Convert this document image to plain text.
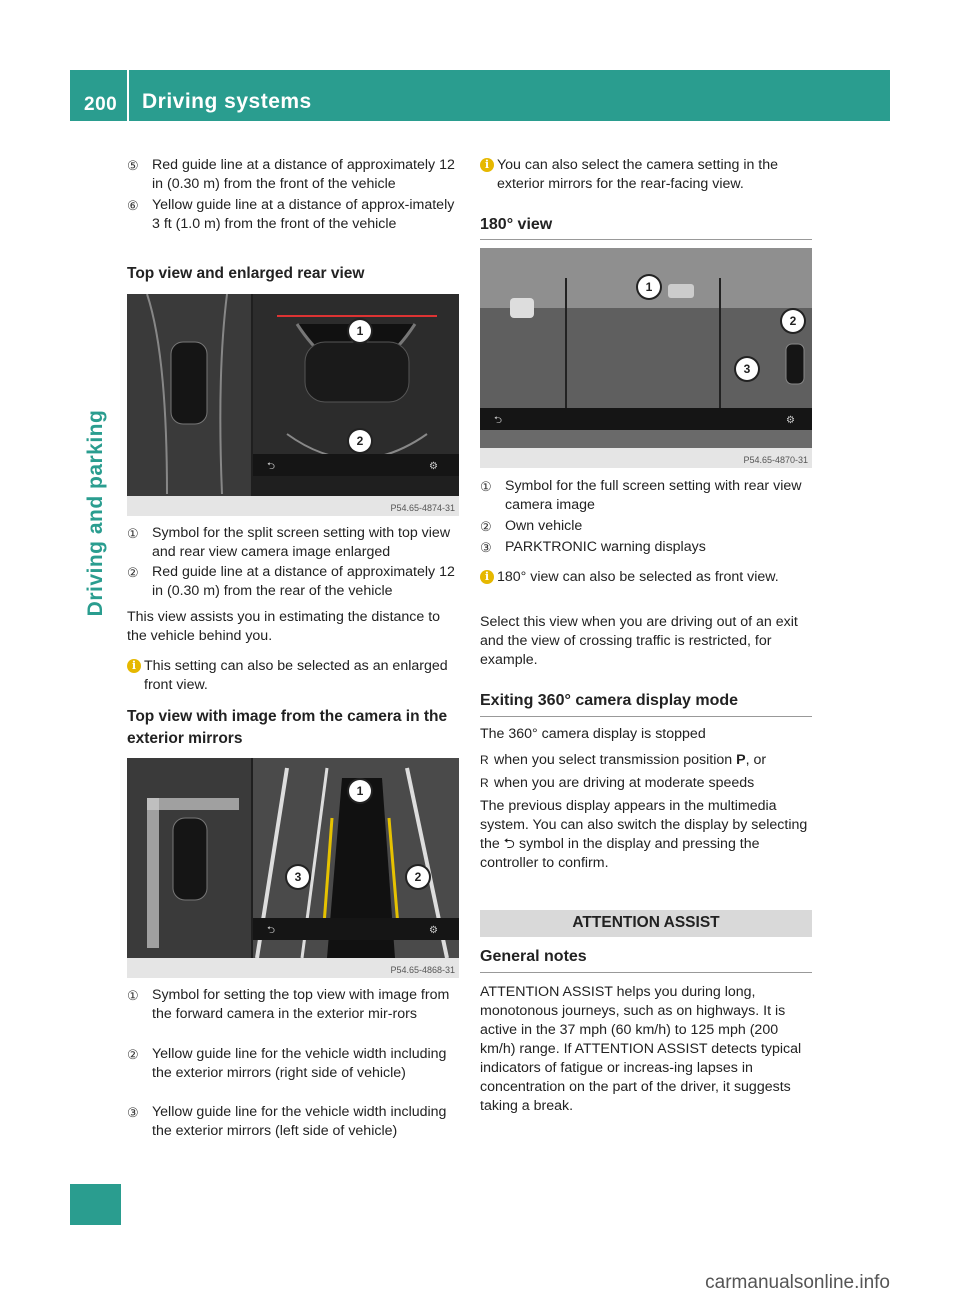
200 Driving systems
Driving and parking
⑤ Red guide line at a distance of approximately 12 in (0.30 m) from the front of the vehicle
⑥ Yellow guide line at a distance of approx-imately 3 ft (1.0 m) from the front of the vehicle
Top view and enlarged rear view
⮌	⚙
1
2
P54.65-4874-31
① Symbol for the split screen setting with top view and rear view camera image enlarged
② Red guide line at a distance of approximately 12 in (0.30 m) from the rear of the vehicle
This view assists you in estimating the distance to the vehicle behind you.
i This setting can also be selected as an enlarged front view.
Top view with image from the camera in the exterior mirrors
⮌	⚙
1
2
3
P54.65-4868-31
① Symbol for setting the top view with image from the forward camera in the exterior mir-rors
② Yellow guide line for the vehicle width including the exterior mirrors (right side of vehicle)
③ Yellow guide line for the vehicle width including the exterior mirrors (left side of vehicle)
i You can also select the camera setting in the exterior mirrors for the rear-facing view.
180° view
⮌	⚙
1
2
3
P54.65-4870-31
① Symbol for the full screen setting with rear view camera image
② Own vehicle
③ PARKTRONIC warning displays
i 180° view can also be selected as front view.
Select this view when you are driving out of an exit and the view of crossing traffic is restricted, for example.
Exiting 360° camera display mode
The 360° camera display is stopped
R when you select transmission position P, or
R when you are driving at moderate speeds
The previous display appears in the multimedia system. You can also switch the display by selecting the ⮌ symbol in the display and pressing the controller to confirm.
ATTENTION ASSIST
General notes
ATTENTION ASSIST helps you during long, monotonous journeys, such as on highways. It is active in the 37 mph (60 km/h) to 125 mph (200 km/h) range. If ATTENTION ASSIST detects typical indicators of fatigue or increas-ing lapses in concentration on the part of the driver, it suggests taking a break.
carmanualsonline.info
